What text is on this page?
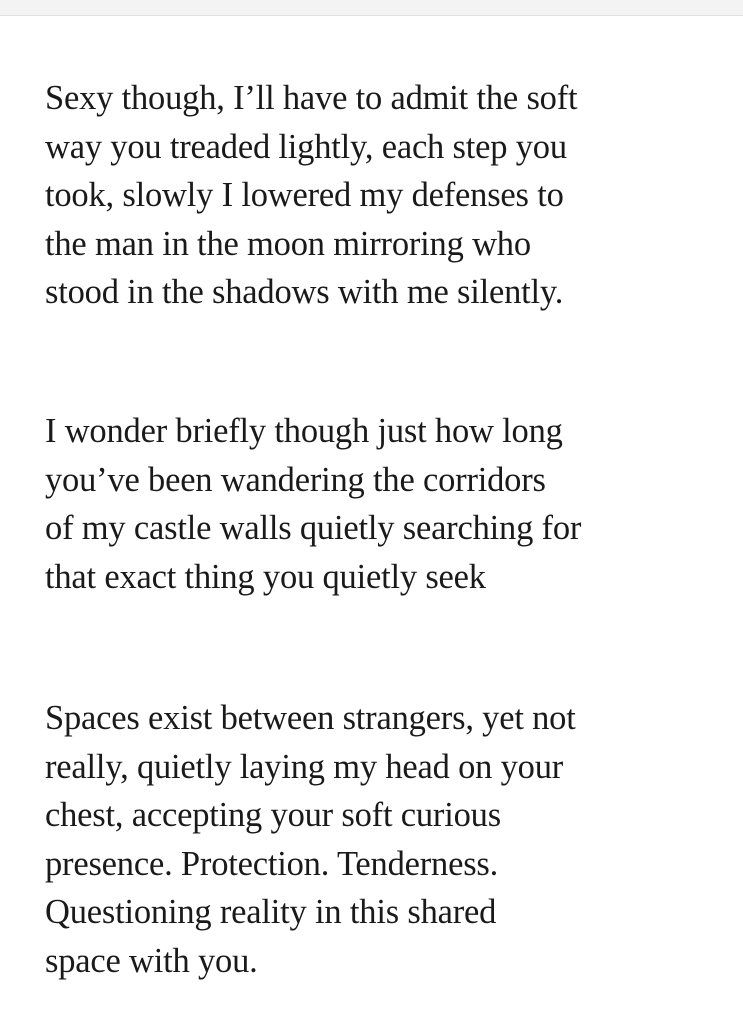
Sexy though, I’ll have to admit the soft
way you treaded lightly, each step you
took, slowly I lowered my defenses to
the man in the moon mirroring who
stood in the shadows with me silently.

I wonder briefly though just how long
you’ve been wandering the corridors
of my castle walls quietly searching for
that exact thing you quietly seek

Spaces exist between strangers, yet not
really, quietly laying my head on your
chest, accepting your soft curious
presence. Protection. Tenderness.
Questioning reality in this shared
space with you.
